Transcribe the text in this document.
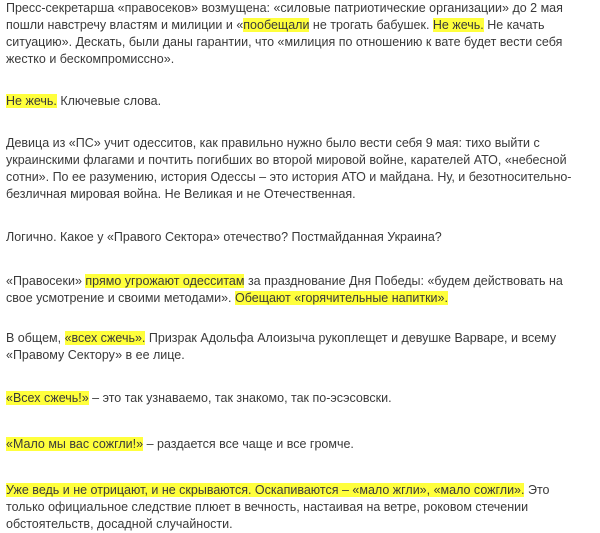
Пресс-секретарша «правосеков» возмущена: «силовые патриотические организации» до 2 мая пошли навстречу властям и милиции и «пообещали не трогать бабушек. Не жечь. Не качать ситуацию». Дескать, были даны гарантии, что «милиция по отношению к вате будет вести себя жестко и бескомпромиссно».

Не жечь. Ключевые слова.

Девица из «ПС» учит одесситов, как правильно нужно было вести себя 9 мая: тихо выйти с украинскими флагами и почтить погибших во второй мировой войне, карателей АТО, «небесной сотни». По ее разумению, история Одессы – это история АТО и майдана. Ну, и безотносительно-безличная мировая война. Не Великая и не Отечественная.

Логично. Какое у «Правого Сектора» отечество? Постмайданная Украина?

«Правосеки» прямо угрожают одесситам за празднование Дня Победы: «будем действовать на свое усмотрение и своими методами». Обещают «горячительные напитки».

В общем, «всех сжечь». Призрак Адольфа Алоизыча рукоплещет и девушке Варваре, и всему «Правому Сектору» в ее лице.

«Всех сжечь!» – это так узнаваемо, так знакомо, так по-эсэсовски.

«Мало мы вас сожгли!» – раздается все чаще и все громче.

Уже ведь и не отрицают, и не скрываются. Оскапиваются – «мало жгли», «мало сожгли». Это только официальное следствие плюет в вечность, настаивая на ветре, роковом стечении обстоятельств, досадной случайности.
